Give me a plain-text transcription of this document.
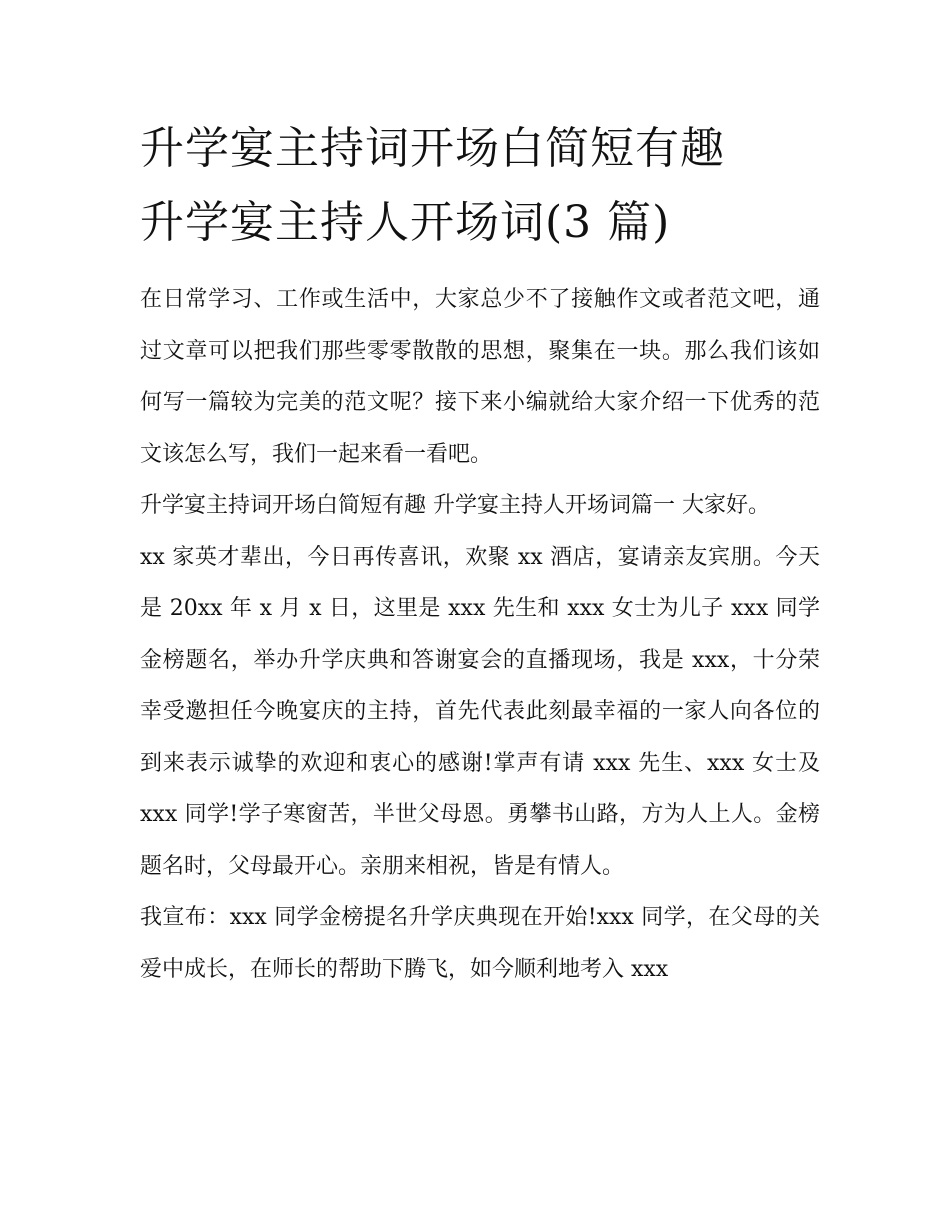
升学宴主持词开场白简短有趣
升学宴主持人开场词(3 篇)

在日常学习、工作或生活中，大家总少不了接触作文或者范文吧，通过文章可以把我们那些零零散散的思想，聚集在一块。那么我们该如何写一篇较为完美的范文呢？接下来小编就给大家介绍一下优秀的范文该怎么写，我们一起来看一看吧。

升学宴主持词开场白简短有趣 升学宴主持人开场词篇一 大家好。

xx 家英才辈出，今日再传喜讯，欢聚 xx 酒店，宴请亲友宾朋。今天是 20xx 年 x 月 x 日，这里是 xxx 先生和 xxx 女士为儿子 xxx 同学金榜题名，举办升学庆典和答谢宴会的直播现场，我是 xxx，十分荣幸受邀担任今晚宴庆的主持，首先代表此刻最幸福的一家人向各位的到来表示诚挚的欢迎和衷心的感谢!掌声有请 xxx 先生、xxx 女士及 xxx 同学!学子寒窗苦，半世父母恩。勇攀书山路，方为人上人。金榜题名时，父母最开心。亲朋来相祝，皆是有情人。

我宣布：xxx 同学金榜提名升学庆典现在开始!xxx 同学，在父母的关爱中成长，在师长的帮助下腾飞，如今顺利地考入 xxx
